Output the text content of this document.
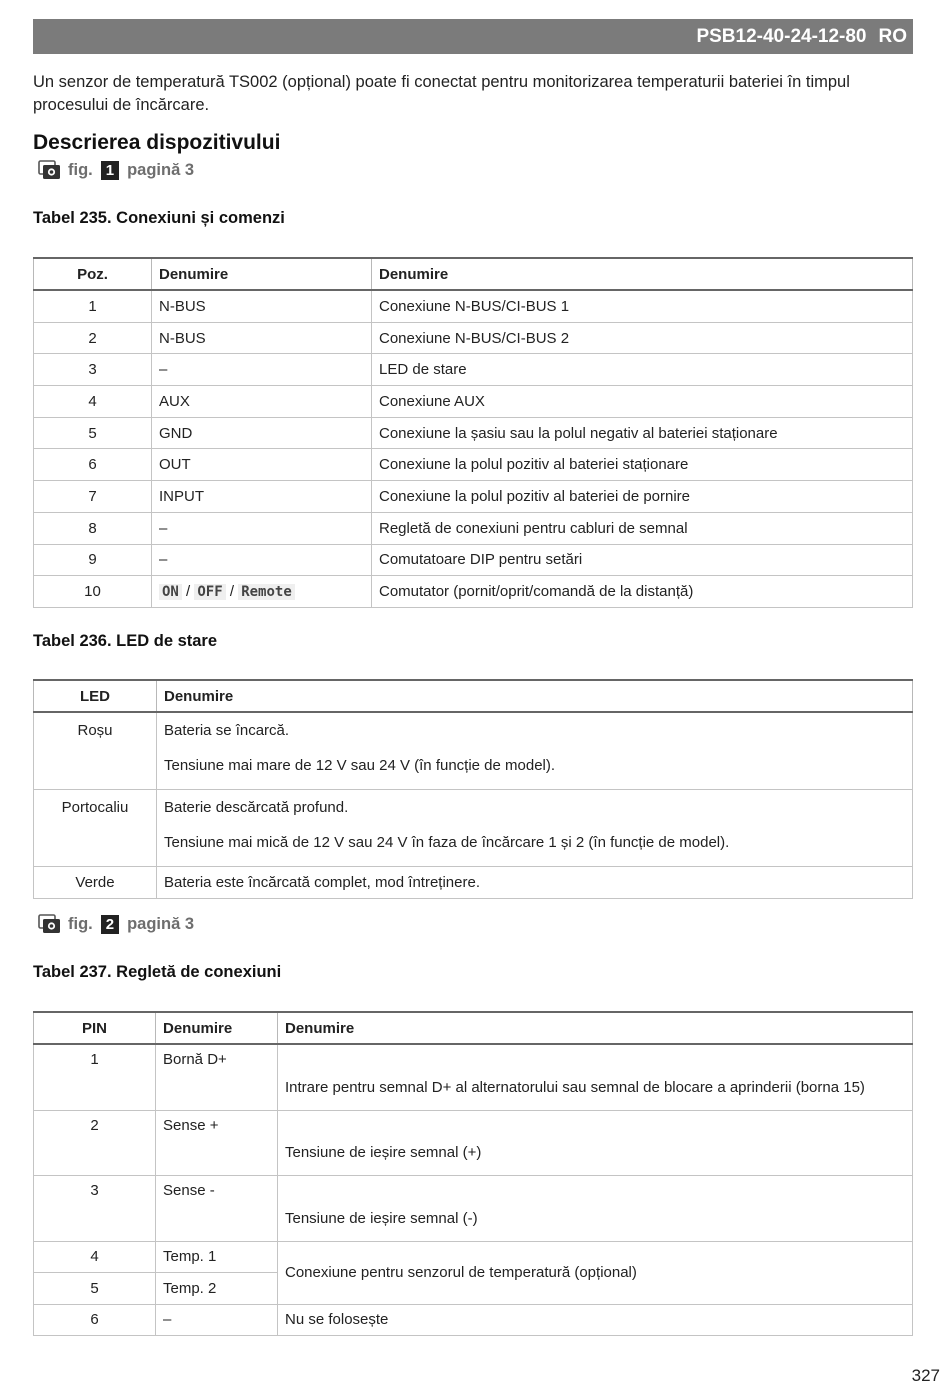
PSB12-40-24-12-80 RO
Un senzor de temperatură TS002 (opțional) poate fi conectat pentru monitorizarea temperaturii bateriei în timpul procesului de încărcare.
Descrierea dispozitivului
fig. 1 pagină 3
Tabel 235. Conexiuni și comenzi
Poz.	Denumire	Denumire
1	N-BUS	Conexiune N-BUS/CI-BUS 1
2	N-BUS	Conexiune N-BUS/CI-BUS 2
3	–	LED de stare
4	AUX	Conexiune AUX
5	GND	Conexiune la șasiu sau la polul negativ al bateriei staționare
6	OUT	Conexiune la polul pozitiv al bateriei staționare
7	INPUT	Conexiune la polul pozitiv al bateriei de pornire
8	–	Regletă de conexiuni pentru cabluri de semnal
9	–	Comutatoare DIP pentru setări
10	ON / OFF / Remote	Comutator (pornit/oprit/comandă de la distanță)
Tabel 236. LED de stare
LED	Denumire

Roșu	Bateria se încarcă.

Tensiune mai mare de 12 V sau 24 V (în funcție de model).

Portocaliu	Baterie descărcată profund.

Tensiune mai mică de 12 V sau 24 V în faza de încărcare 1 și 2 (în funcție de model).

Verde	Bateria este încărcată complet, mod întreținere.
fig. 2 pagină 3
Tabel 237. Regletă de conexiuni
PIN	Denumire	Denumire
1	Bornă D+	Intrare pentru semnal D+ al alternatorului sau semnal de blocare a aprinderii (borna 15)
2	Sense +	Tensiune de ieșire semnal (+)
3	Sense -	Tensiune de ieșire semnal (-)
4	Temp. 1	Conexiune pentru senzorul de temperatură (opțional)
5	Temp. 2	
6	–	Nu se folosește
327
